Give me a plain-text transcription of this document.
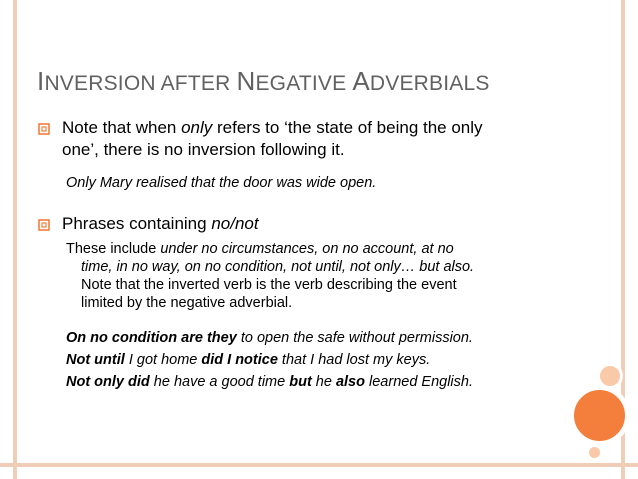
INVERSION AFTER NEGATIVE ADVERBIALS
Note that when only refers to ‘the state of being the only
one’, there is no inversion following it.
Only Mary realised that the door was wide open.
Phrases containing no/not
These include under no circumstances, on no account, at no
time, in no way, on no condition, not until, not only… but also.
Note that the inverted verb is the verb describing the event
limited by the negative adverbial.
On no condition are they to open the safe without permission.
Not until I got home did I notice that I had lost my keys.
Not only did he have a good time but he also learned English.
